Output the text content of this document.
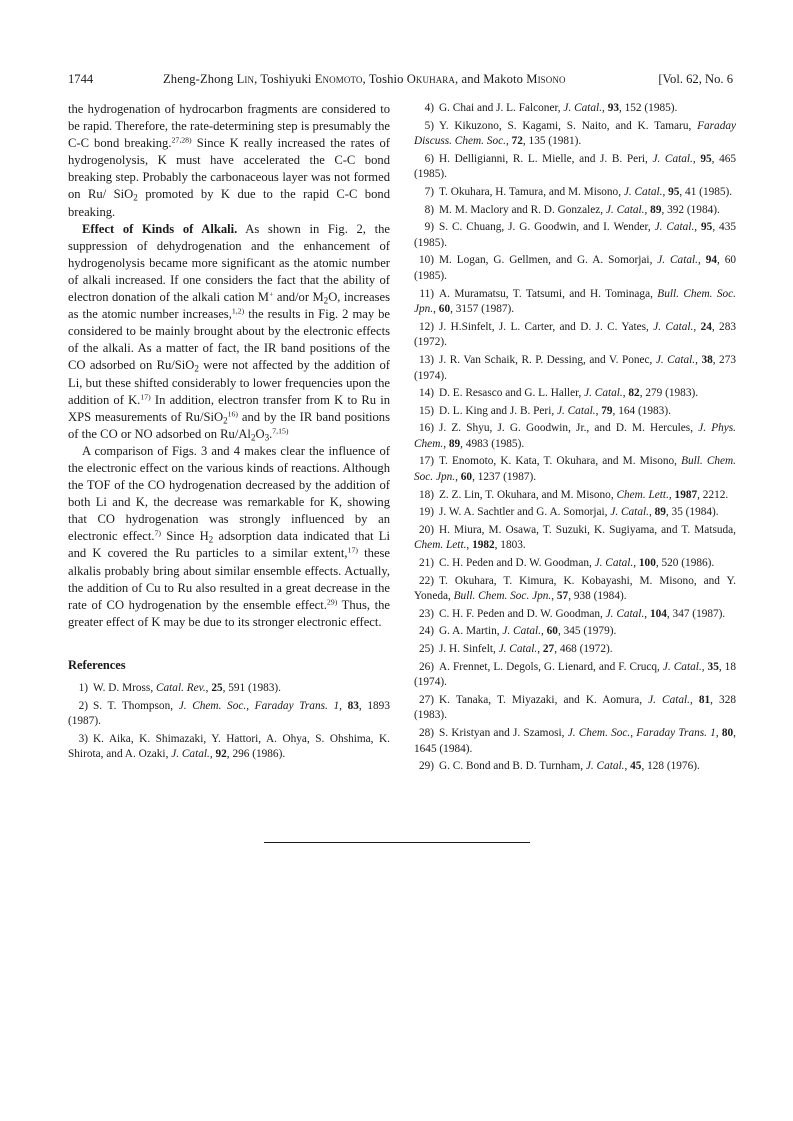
1744	Zheng-Zhong Lin, Toshiyuki Enomoto, Toshio Okuhara, and Makoto Misono	[Vol. 62, No. 6

the hydrogenation of hydrocarbon fragments are considered to be rapid. Therefore, the rate-determining step is presumably the C-C bond breaking.$^{27,28)}$ Since K really increased the rates of hydrogenolysis, K must have accelerated the C-C bond breaking step. Probably the carbonaceous layer was not formed on Ru/ SiO$_2$ promoted by K due to the rapid C-C bond breaking.

Effect of Kinds of Alkali. As shown in Fig. 2, the suppression of dehydrogenation and the enhancement of hydrogenolysis became more significant as the atomic number of alkali increased. If one considers the fact that the ability of electron donation of the alkali cation M+ and/or $M_2O$, increases as the atomic number increases,$^{1,2)}$ the results in Fig. 2 may be considered to be mainly brought about by the electronic effects of the alkali. As a matter of fact, the IR band positions of the CO adsorbed on Ru/SiO$_2$ were not affected by the addition of Li, but these shifted considerably to lower frequencies upon the addition of K.$^{17)}$ In addition, electron transfer from K to Ru in XPS measurements of Ru/SiO$_2^{16)}$ and by the IR band positions of the CO or NO adsorbed on $Ru/Al_2O_3.^{7,15)}$

A comparison of Figs. 3 and 4 makes clear the influence of the electronic effect on the various kinds of reactions. Although the TOF of the CO hydrogenation decreased by the addition of both Li and K, the decrease was remarkable for K, showing that CO hydrogenation was strongly influenced by an electronic effect.$^{7)}$ Since $H_2$ adsorption data indicated that Li and K covered the Ru particles to a similar extent,$^{17)}$ these alkalis probably bring about similar ensemble effects. Actually, the addition of Cu to Ru also resulted in a great decrease in the rate of CO hydrogenation by the ensemble effect.$^{29)}$ Thus, the greater effect of K may be due to its stronger electronic effect.

References

1) W. D. Mross, Catal. Rev., 25, 591 (1983).

2) S. T. Thompson, J. Chem. Soc., Faraday Trans. 1, 83, 1893 (1987).

3) K. Aika, K. Shimazaki, Y. Hattori, A. Ohya, S. Ohshima, K. Shirota, and A. Ozaki, J. Catal., 92, 296 (1986).

4) G. Chai and J. L. Falconer, J. Catal., 93, 152 (1985).

5) Y. Kikuzono, S. Kagami, S. Naito, and K. Tamaru, Faraday Discuss. Chem. Soc., 72, 135 (1981).

6) H. Delligianni, R. L. Mielle, and J. B. Peri, J. Catal., 95, 465 (1985).

7) T. Okuhara, H. Tamura, and M. Misono, J. Catal., 95, 41 (1985).

8) M. M. Maclory and R. D. Gonzalez, J. Catal., 89, 392 (1984).

9) S. C. Chuang, J. G. Goodwin, and I. Wender, J. Catal., 95, 435 (1985).

10) M. Logan, G. Gellmen, and G. A. Somorjai, J. Catal., 94, 60 (1985).

11) A. Muramatsu, T. Tatsumi, and H. Tominaga, Bull. Chem. Soc. Jpn., 60, 3157 (1987).

12) J. H.Sinfelt, J. L. Carter, and D. J. C. Yates, J. Catal., 24, 283 (1972).

13) J. R. Van Schaik, R. P. Dessing, and V. Ponec, J. Catal., 38, 273 (1974).

14) D. E. Resasco and G. L. Haller, J. Catal., 82, 279 (1983).

15) D. L. King and J. B. Peri, J. Catal., 79, 164 (1983).

16) J. Z. Shyu, J. G. Goodwin, Jr., and D. M. Hercules, J. Phys. Chem., 89, 4983 (1985).

17) T. Enomoto, K. Kata, T. Okuhara, and M. Misono, Bull. Chem. Soc. Jpn., 60, 1237 (1987).

18) Z. Z. Lin, T. Okuhara, and M. Misono, Chem. Lett., 1987, 2212.

19) J. W. A. Sachtler and G. A. Somorjai, J. Catal., 89, 35 (1984).

20) H. Miura, M. Osawa, T. Suzuki, K. Sugiyama, and T. Matsuda, Chem. Lett., 1982, 1803.

21) C. H. Peden and D. W. Goodman, J. Catal., 100, 520 (1986).

22) T. Okuhara, T. Kimura, K. Kobayashi, M. Misono, and Y. Yoneda, Bull. Chem. Soc. Jpn., 57, 938 (1984).

23) C. H. F. Peden and D. W. Goodman, J. Catal., 104, 347 (1987).

24) G. A. Martin, J. Catal., 60, 345 (1979).

25) J. H. Sinfelt, J. Catal., 27, 468 (1972).

26) A. Frennet, L. Degols, G. Lienard, and F. Crucq, J. Catal., 35, 18 (1974).

27) K. Tanaka, T. Miyazaki, and K. Aomura, J. Catal., 81, 328 (1983).

28) S. Kristyan and J. Szamosi, J. Chem. Soc., Faraday Trans. 1, 80, 1645 (1984).

29) G. C. Bond and B. D. Turnham, J. Catal., 45, 128 (1976).
